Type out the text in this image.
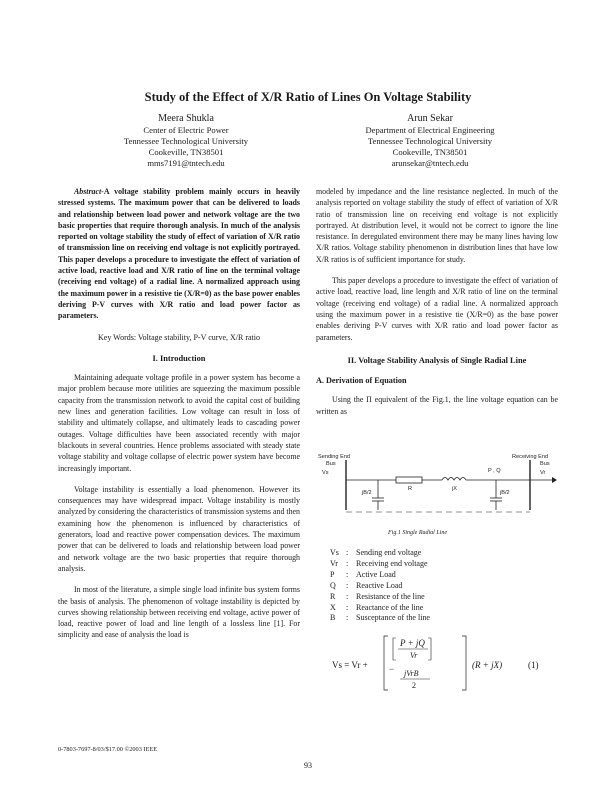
Study of the Effect of X/R Ratio of Lines On Voltage Stability
Meera Shukla
Center of Electric Power
Tennessee Technological University
Cookeville, TN38501
mms7191@tntech.edu
Arun Sekar
Department of Electrical Engineering
Tennessee Technological University
Cookeville, TN38501
arunsekar@tntech.edu

Abstract-A voltage stability problem mainly occurs in heavily stressed systems. The maximum power that can be delivered to loads and relationship between load power and network voltage are the two basic properties that require thorough analysis. In much of the analysis reported on voltage stability the study of effect of variation of X/R ratio of transmission line on receiving end voltage is not explicitly portrayed. This paper develops a procedure to investigate the effect of variation of active load, reactive load and X/R ratio of line on the terminal voltage (receiving end voltage) of a radial line. A normalized approach using the maximum power in a resistive tie (X/R=0) as the base power enables deriving P-V curves with X/R ratio and load power factor as parameters.

Key Words: Voltage stability, P-V curve, X/R ratio

I. Introduction

Maintaining adequate voltage profile in a power system has become a major problem because more utilities are squeezing the maximum possible capacity from the transmission network to avoid the capital cost of building new lines and generation facilities. Low voltage can result in loss of stability and ultimately collapse, and ultimately leads to cascading power outages. Voltage difficulties have been associated recently with major blackouts in several countries. Hence problems associated with steady state voltage stability and voltage collapse of electric power system have become increasingly important.

Voltage instability is essentially a load phenomenon. However its consequences may have widespread impact. Voltage instability is mostly analyzed by considering the characteristics of transmission systems and then examining how the phenomenon is influenced by characteristics of generators, load and reactive power compensation devices. The maximum power that can be delivered to loads and relationship between load power and network voltage are the two basic properties that require thorough analysis.

In most of the literature, a simple single load infinite bus system forms the basis of analysis. The phenomenon of voltage instability is depicted by curves showing relationship between receiving end voltage, active power of load, reactive power of load and line length of a lossless line [1]. For simplicity and ease of analysis the load is

modeled by impedance and the line resistance neglected. In much of the analysis reported on voltage stability the study of effect of variation of X/R ratio of transmission line on receiving end voltage is not explicitly portrayed. At distribution level, it would not be correct to ignore the line resistance. In deregulated environment there may be many lines having low X/R ratios. Voltage stability phenomenon in distribution lines that have low X/R ratios is of sufficient importance for study.

This paper develops a procedure to investigate the effect of variation of active load, reactive load, line length and X/R ratio of line on the terminal voltage (receiving end voltage) of a radial line. A normalized approach using the maximum power in a resistive tie (X/R=0) as the base power enables deriving P-V curves with X/R ratio and load power factor as parameters.

II. Voltage Stability Analysis of Single Radial Line

A. Derivation of Equation

Using the Π equivalent of the Fig.1, the line voltage equation can be written as

Sending End
Bus
Vs
Receiving End
Bus
Vr
P , Q
R	jX
jB/2	jB/2
Fig.1 Single Radial Line
Vs : Sending end voltage
Vr	: Receiving end voltage
P	: Active Load
Q	: Reactive Load
R	: Resistance of the line
X	: Reactance of the line
B	: Susceptance of the line
Vs = Vr +
P + jQ
Vr
− jVrB
2
(R + jX)	(1)
0-7803-7697-8/03/$17.00 ©2003 IEEE
93
